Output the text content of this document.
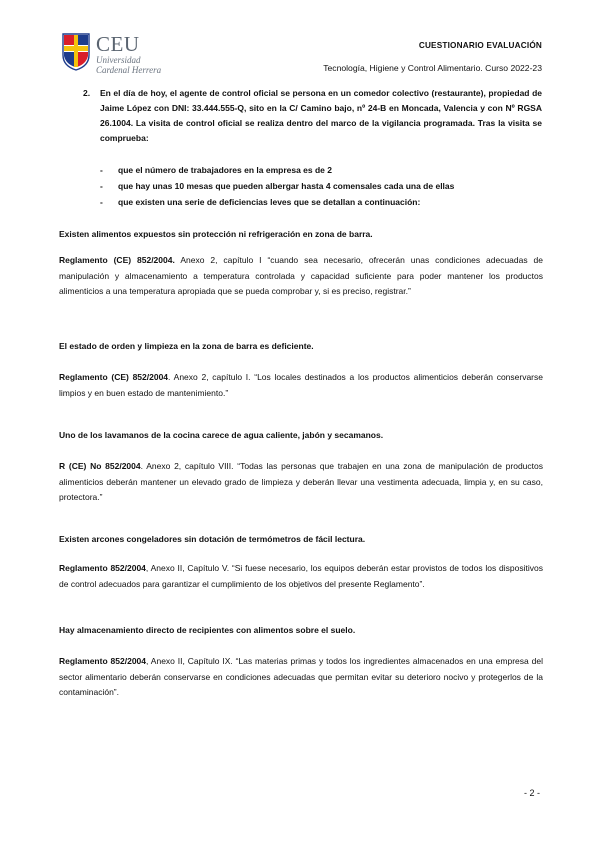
CEU
Universidad
Cardenal Herrera
CUESTIONARIO EVALUACIÓN
Tecnología, Higiene y Control Alimentario. Curso 2022-23
2. En el día de hoy, el agente de control oficial se persona en un comedor colectivo (restaurante), propiedad de Jaime López con DNI: 33.444.555-Q, sito en la C/ Camino bajo, nº 24-B en Moncada, Valencia y con Nº RGSA 26.1004. La visita de control oficial se realiza dentro del marco de la vigilancia programada. Tras la visita se comprueba:
- que el número de trabajadores en la empresa es de 2
- que hay unas 10 mesas que pueden albergar hasta 4 comensales cada una de ellas
- que existen una serie de deficiencias leves que se detallan a continuación:
Existen alimentos expuestos sin protección ni refrigeración en zona de barra.
Reglamento (CE) 852/2004. Anexo 2, capítulo I “cuando sea necesario, ofrecerán unas condiciones adecuadas de manipulación y almacenamiento a temperatura controlada y capacidad suficiente para poder mantener los productos alimenticios a una temperatura apropiada que se pueda comprobar y, si es preciso, registrar.”
El estado de orden y limpieza en la zona de barra es deficiente.
Reglamento (CE) 852/2004. Anexo 2, capítulo I. “Los locales destinados a los productos alimenticios deberán conservarse limpios y en buen estado de mantenimiento.”
Uno de los lavamanos de la cocina carece de agua caliente, jabón y secamanos.
R (CE) No 852/2004. Anexo 2, capítulo VIII. “Todas las personas que trabajen en una zona de manipulación de productos alimenticios deberán mantener un elevado grado de limpieza y deberán llevar una vestimenta adecuada, limpia y, en su caso, protectora.”
Existen arcones congeladores sin dotación de termómetros de fácil lectura.
Reglamento 852/2004, Anexo II, Capítulo V. “Si fuese necesario, los equipos deberán estar provistos de todos los dispositivos de control adecuados para garantizar el cumplimiento de los objetivos del presente Reglamento”.
Hay almacenamiento directo de recipientes con alimentos sobre el suelo.
Reglamento 852/2004, Anexo II, Capítulo IX. “Las materias primas y todos los ingredientes almacenados en una empresa del sector alimentario deberán conservarse en condiciones adecuadas que permitan evitar su deterioro nocivo y protegerlos de la contaminación”.
- 2 -
